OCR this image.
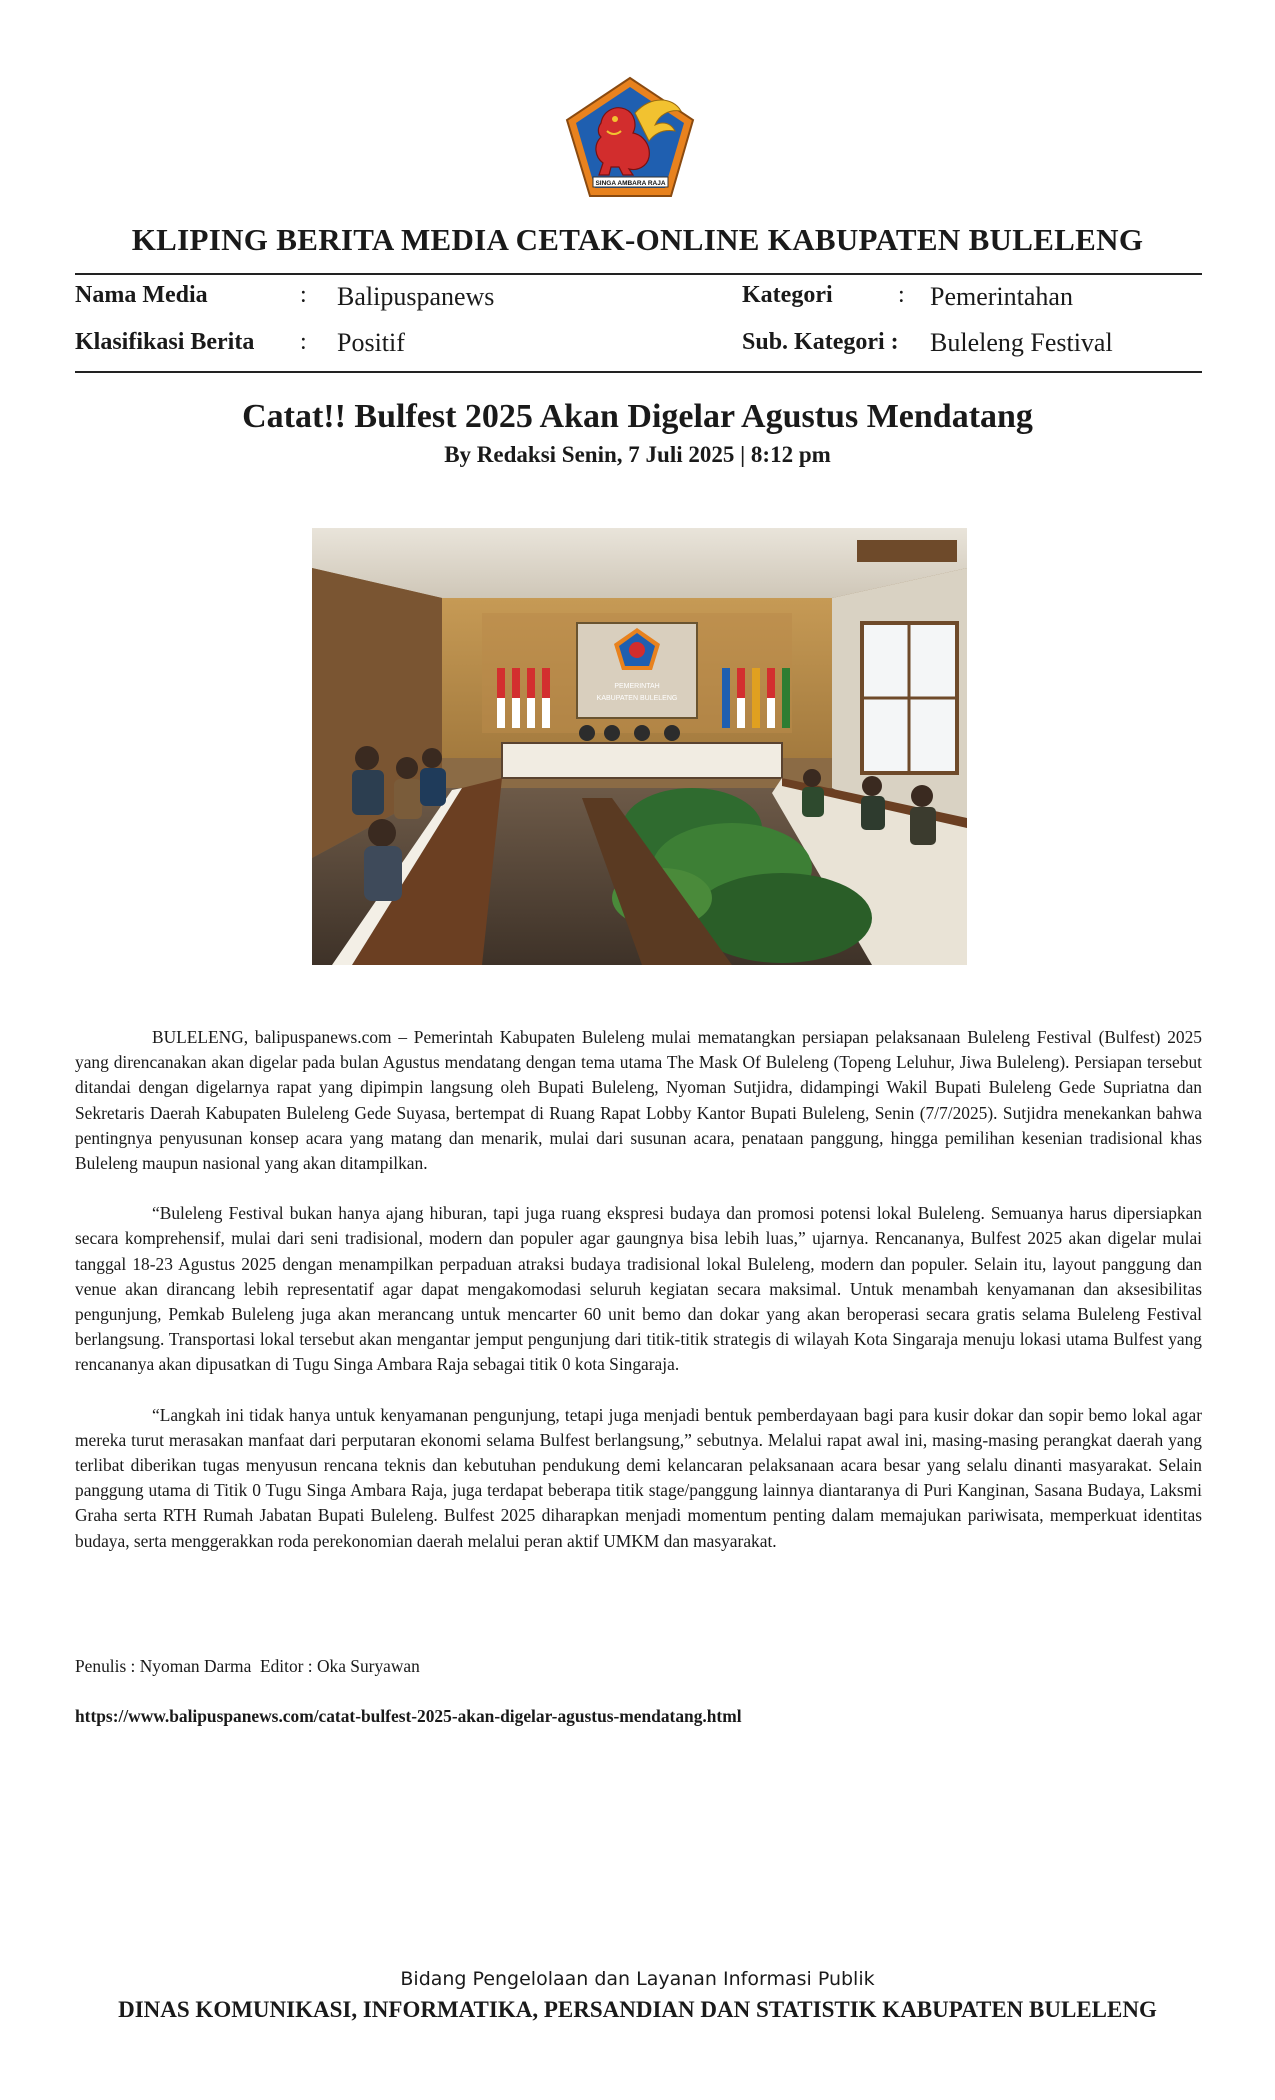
SINGA AMBARA RAJA
KLIPING BERITA MEDIA CETAK-ONLINE KABUPATEN BULELENG
Nama Media	: Balipuspanews	Kategori	: Pemerintahan
Klasifikasi Berita : Positif	Sub. Kategori : Buleleng Festival
Catat!! Bulfest 2025 Akan Digelar Agustus Mendatang
By Redaksi Senin, 7 Juli 2025 | 8:12 pm
PEMERINTAH
KABUPATEN BULELENG

BULELENG, balipuspanews.com – Pemerintah Kabupaten Buleleng mulai mematangkan persiapan pelaksanaan Buleleng Festival (Bulfest) 2025 yang direncanakan akan digelar pada bulan Agustus mendatang dengan tema utama The Mask Of Buleleng (Topeng Leluhur, Jiwa Buleleng). Persiapan tersebut ditandai dengan digelarnya rapat yang dipimpin langsung oleh Bupati Buleleng, Nyoman Sutjidra, didampingi Wakil Bupati Buleleng Gede Supriatna dan Sekretaris Daerah Kabupaten Buleleng Gede Suyasa, bertempat di Ruang Rapat Lobby Kantor Bupati Buleleng, Senin (7/7/2025). Sutjidra menekankan bahwa pentingnya penyusunan konsep acara yang matang dan menarik, mulai dari susunan acara, penataan panggung, hingga pemilihan kesenian tradisional khas Buleleng maupun nasional yang akan ditampilkan.

“Buleleng Festival bukan hanya ajang hiburan, tapi juga ruang ekspresi budaya dan promosi potensi lokal Buleleng. Semuanya harus dipersiapkan secara komprehensif, mulai dari seni tradisional, modern dan populer agar gaungnya bisa lebih luas,” ujarnya. Rencananya, Bulfest 2025 akan digelar mulai tanggal 18-23 Agustus 2025 dengan menampilkan perpaduan atraksi budaya tradisional lokal Buleleng, modern dan populer. Selain itu, layout panggung dan venue akan dirancang lebih representatif agar dapat mengakomodasi seluruh kegiatan secara maksimal. Untuk menambah kenyamanan dan aksesibilitas pengunjung, Pemkab Buleleng juga akan merancang untuk mencarter 60 unit bemo dan dokar yang akan beroperasi secara gratis selama Buleleng Festival berlangsung. Transportasi lokal tersebut akan mengantar jemput pengunjung dari titik-titik strategis di wilayah Kota Singaraja menuju lokasi utama Bulfest yang rencananya akan dipusatkan di Tugu Singa Ambara Raja sebagai titik 0 kota Singaraja.

“Langkah ini tidak hanya untuk kenyamanan pengunjung, tetapi juga menjadi bentuk pemberdayaan bagi para kusir dokar dan sopir bemo lokal agar mereka turut merasakan manfaat dari perputaran ekonomi selama Bulfest berlangsung,” sebutnya. Melalui rapat awal ini, masing-masing perangkat daerah yang terlibat diberikan tugas menyusun rencana teknis dan kebutuhan pendukung demi kelancaran pelaksanaan acara besar yang selalu dinanti masyarakat. Selain panggung utama di Titik 0 Tugu Singa Ambara Raja, juga terdapat beberapa titik stage/panggung lainnya diantaranya di Puri Kanginan, Sasana Budaya, Laksmi Graha serta RTH Rumah Jabatan Bupati Buleleng. Bulfest 2025 diharapkan menjadi momentum penting dalam memajukan pariwisata, memperkuat identitas budaya, serta menggerakkan roda perekonomian daerah melalui peran aktif UMKM dan masyarakat.

Penulis : Nyoman Darma  Editor : Oka Suryawan
https://www.balipuspanews.com/catat-bulfest-2025-akan-digelar-agustus-mendatang.html
Bidang Pengelolaan dan Layanan Informasi Publik
DINAS KOMUNIKASI, INFORMATIKA, PERSANDIAN DAN STATISTIK KABUPATEN BULELENG
